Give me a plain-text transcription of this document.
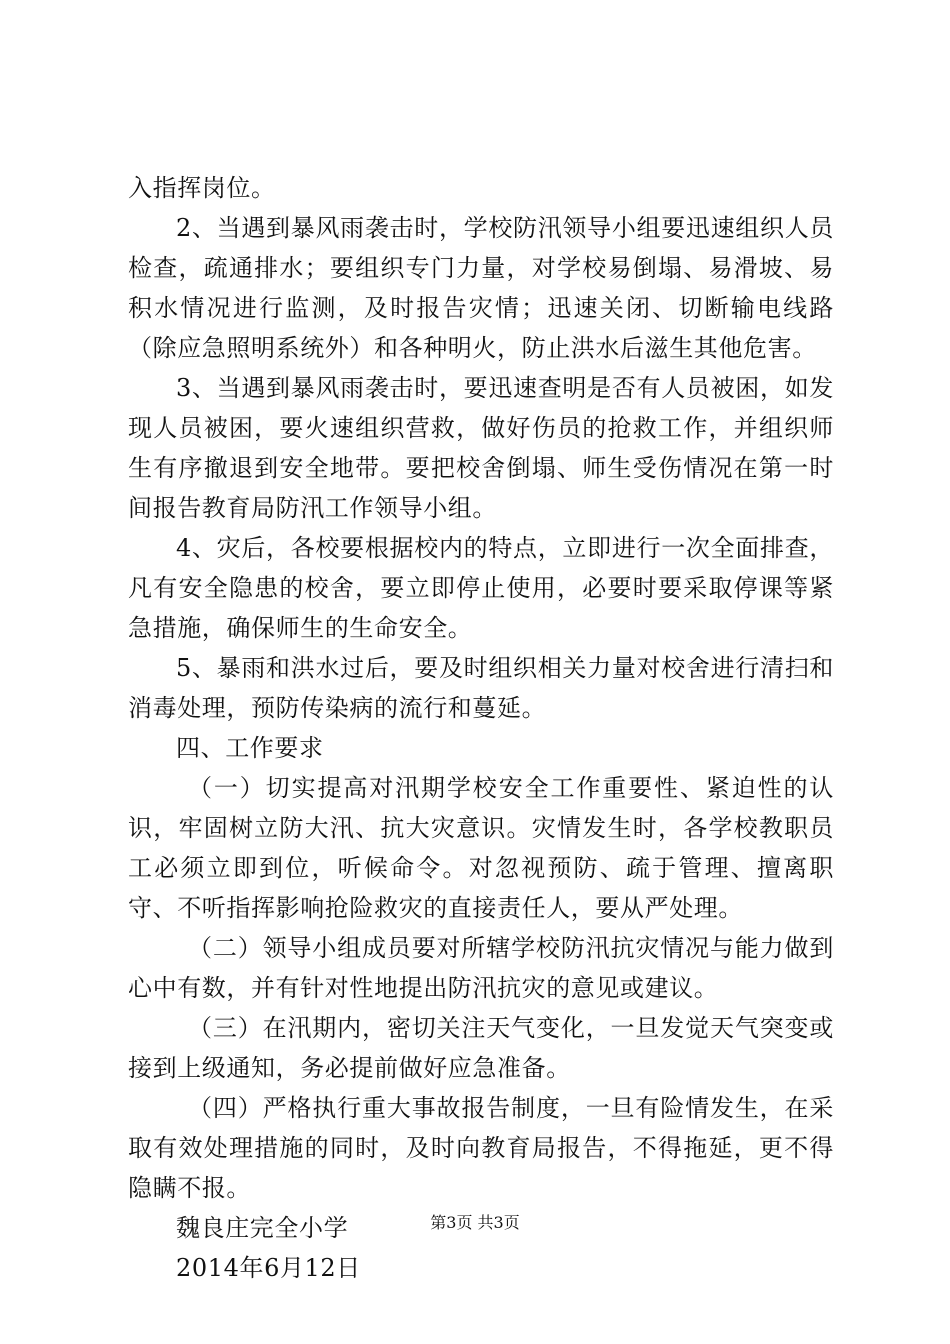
入指挥岗位。

2、当遇到暴风雨袭击时，学校防汛领导小组要迅速组织人员检查，疏通排水；要组织专门力量，对学校易倒塌、易滑坡、易积水情况进行监测，及时报告灾情；迅速关闭、切断输电线路（除应急照明系统外）和各种明火，防止洪水后滋生其他危害。

3、当遇到暴风雨袭击时，要迅速查明是否有人员被困，如发现人员被困，要火速组织营救，做好伤员的抢救工作，并组织师生有序撤退到安全地带。要把校舍倒塌、师生受伤情况在第一时间报告教育局防汛工作领导小组。

4、灾后，各校要根据校内的特点，立即进行一次全面排查，凡有安全隐患的校舍，要立即停止使用，必要时要采取停课等紧急措施，确保师生的生命安全。

5、暴雨和洪水过后，要及时组织相关力量对校舍进行清扫和消毒处理，预防传染病的流行和蔓延。

四、工作要求

（一）切实提高对汛期学校安全工作重要性、紧迫性的认识，牢固树立防大汛、抗大灾意识。灾情发生时，各学校教职员工必须立即到位，听候命令。对忽视预防、疏于管理、擅离职守、不听指挥影响抢险救灾的直接责任人，要从严处理。

（二）领导小组成员要对所辖学校防汛抗灾情况与能力做到心中有数，并有针对性地提出防汛抗灾的意见或建议。

（三）在汛期内，密切关注天气变化，一旦发觉天气突变或接到上级通知，务必提前做好应急准备。

（四）严格执行重大事故报告制度，一旦有险情发生，在采取有效处理措施的同时，及时向教育局报告，不得拖延，更不得隐瞒不报。

魏良庄完全小学

2014年6月12日

第3页 共3页
